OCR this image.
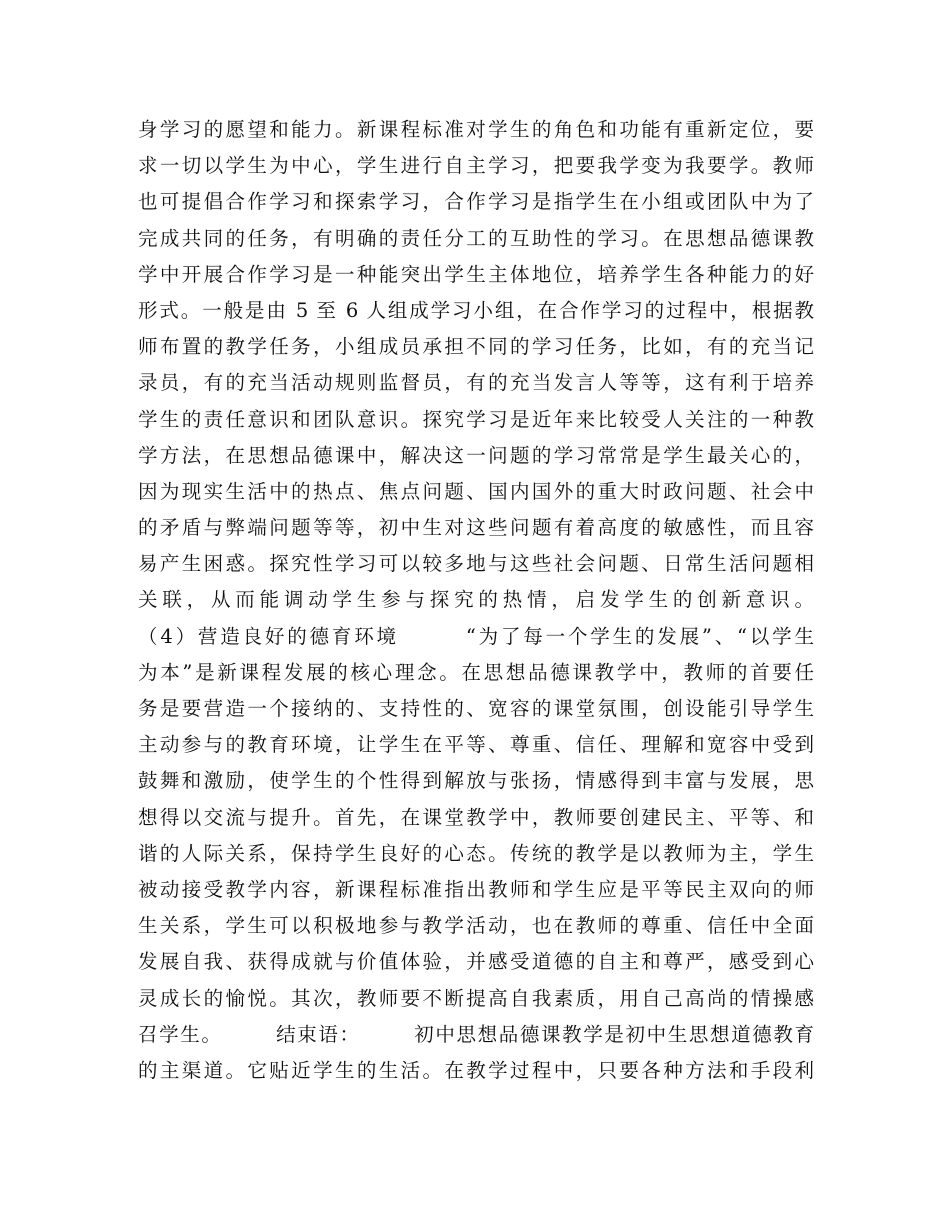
身学习的愿望和能力。新课程标准对学生的角色和功能有重新定位，要
求一切以学生为中心，学生进行自主学习，把要我学变为我要学。教师
也可提倡合作学习和探索学习，合作学习是指学生在小组或团队中为了
完成共同的任务，有明确的责任分工的互助性的学习。在思想品德课教
学中开展合作学习是一种能突出学生主体地位，培养学生各种能力的好
形式。一般是由 5 至 6 人组成学习小组，在合作学习的过程中，根据教
师布置的教学任务，小组成员承担不同的学习任务，比如，有的充当记
录员，有的充当活动规则监督员，有的充当发言人等等，这有利于培养
学生的责任意识和团队意识。探究学习是近年来比较受人关注的一种教
学方法，在思想品德课中，解决这一问题的学习常常是学生最关心的，
因为现实生活中的热点、焦点问题、国内国外的重大时政问题、社会中
的矛盾与弊端问题等等，初中生对这些问题有着高度的敏感性，而且容
易产生困惑。探究性学习可以较多地与这些社会问题、日常生活问题相
关联，从而能调动学生参与探究的热情，启发学生的创新意识。
（4）营造良好的德育环境　　　“为了每一个学生的发展”、“以学生
为本”是新课程发展的核心理念。在思想品德课教学中，教师的首要任
务是要营造一个接纳的、支持性的、宽容的课堂氛围，创设能引导学生
主动参与的教育环境，让学生在平等、尊重、信任、理解和宽容中受到
鼓舞和激励，使学生的个性得到解放与张扬，情感得到丰富与发展，思
想得以交流与提升。首先，在课堂教学中，教师要创建民主、平等、和
谐的人际关系，保持学生良好的心态。传统的教学是以教师为主，学生
被动接受教学内容，新课程标准指出教师和学生应是平等民主双向的师
生关系，学生可以积极地参与教学活动，也在教师的尊重、信任中全面
发展自我、获得成就与价值体验，并感受道德的自主和尊严，感受到心
灵成长的愉悦。其次，教师要不断提高自我素质，用自己高尚的情操感
召学生。　　　结束语：　　　初中思想品德课教学是初中生思想道德教育
的主渠道。它贴近学生的生活。在教学过程中，只要各种方法和手段利
